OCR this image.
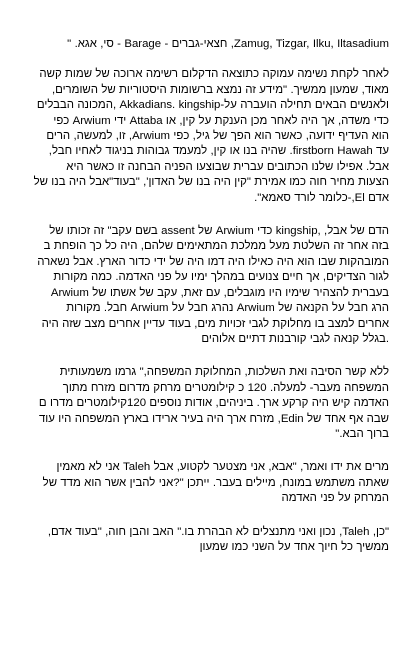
Zamug, Tizgar, Ilku, Iltasadium, חצאי-גברים - Barage - סי, אגא. "

לאחר לקחת נשימה עמוקה כתוצאה הדקלום רשימה ארוכה של שמות קשה מאוד, שמעון ממשיך. "מידע זה נמצא ברשומות היסטוריות של השומרים, ולאנשים הבאים תחילה הועברה על-Akkadians. kingship ,המכונה הבבלים כדי משדה, אך היה לאחר מכן הענקת על קין, או Attaba ידי Arwium כפי הוא העדיף ידועה, כאשר הוא הפך של גיל, כפי Arwium, זו, למעשה, הרים עד firstborn Hawah. שהיה בנו או קין, למעמד גבוהות בניגוד לאחיו חבל, אבל. אפילו שלנו הכתובים עברית שבוצעו הפניה הבחנה זו כאשר היא הצעות מחיר חוה כמו אמירת "קין היה בנו של האדון', "בעוד"אבל היה בנו של אדם El,-כלומר לורד סאמא".

הדם של אבל, ,kingship כדי Arwium של assent בשם עקב" זה זכותו של בזה אחר זה השלטת מעל ממלכת המתאימים שלהם, היה כל כך הופחת ב המובהקות שבו הוא היה כאילו היה דמו היה של ידי כדור הארץ. אבל נשארה לגור הצדיקים, אך חיים צנועים במהלך ימיו על פני האדמה. כמה מקורות בעברית להצהיר שימיו היו מוגבלים, עם זאת, עקב של אשתו של Arwium הרג חבל על הקנאה של Arwium נהרג חבל על Arwium חבל. מקורות אחרים למצב בו מחלוקת לגבי זכויות מים, בעוד עדיין אחרים מצב שזה היה .בגלל קנאה לגבי קורבנות דתיים אלוהים

ללא קשר הסיבה ואת השלכות, המחלוקת המשפחה," גרמו משמעותית המשפחה מעבר- למעלה. 120 כ קילומטרים מרחק מדרום מזרח מתוך האדמה קיש היה קרקע ארך. ביניהים, אודות נוספים 120קילומטרים מדרו ם שבה אף אחד של Edin, מזרח ארך היה בעיר ארידו בארץ המשפחה היו עוד ברוך הבא."

מרים את ידו ואמר, "אבא, אני מצטער לקטוע, אבל Taleh אני לא מאמין שאתה משתמש במונח, מיילים בעבר. ייתכן "?אני להבין אשר הוא מדד של המרחק על פני האדמה

"כן, Taleh, נכון ואני מתנצלים לא הבהרת בו." האב והבן חוה, "בעוד אדם, ממשיך כל חיוך אחד על השני כמו שמעון
